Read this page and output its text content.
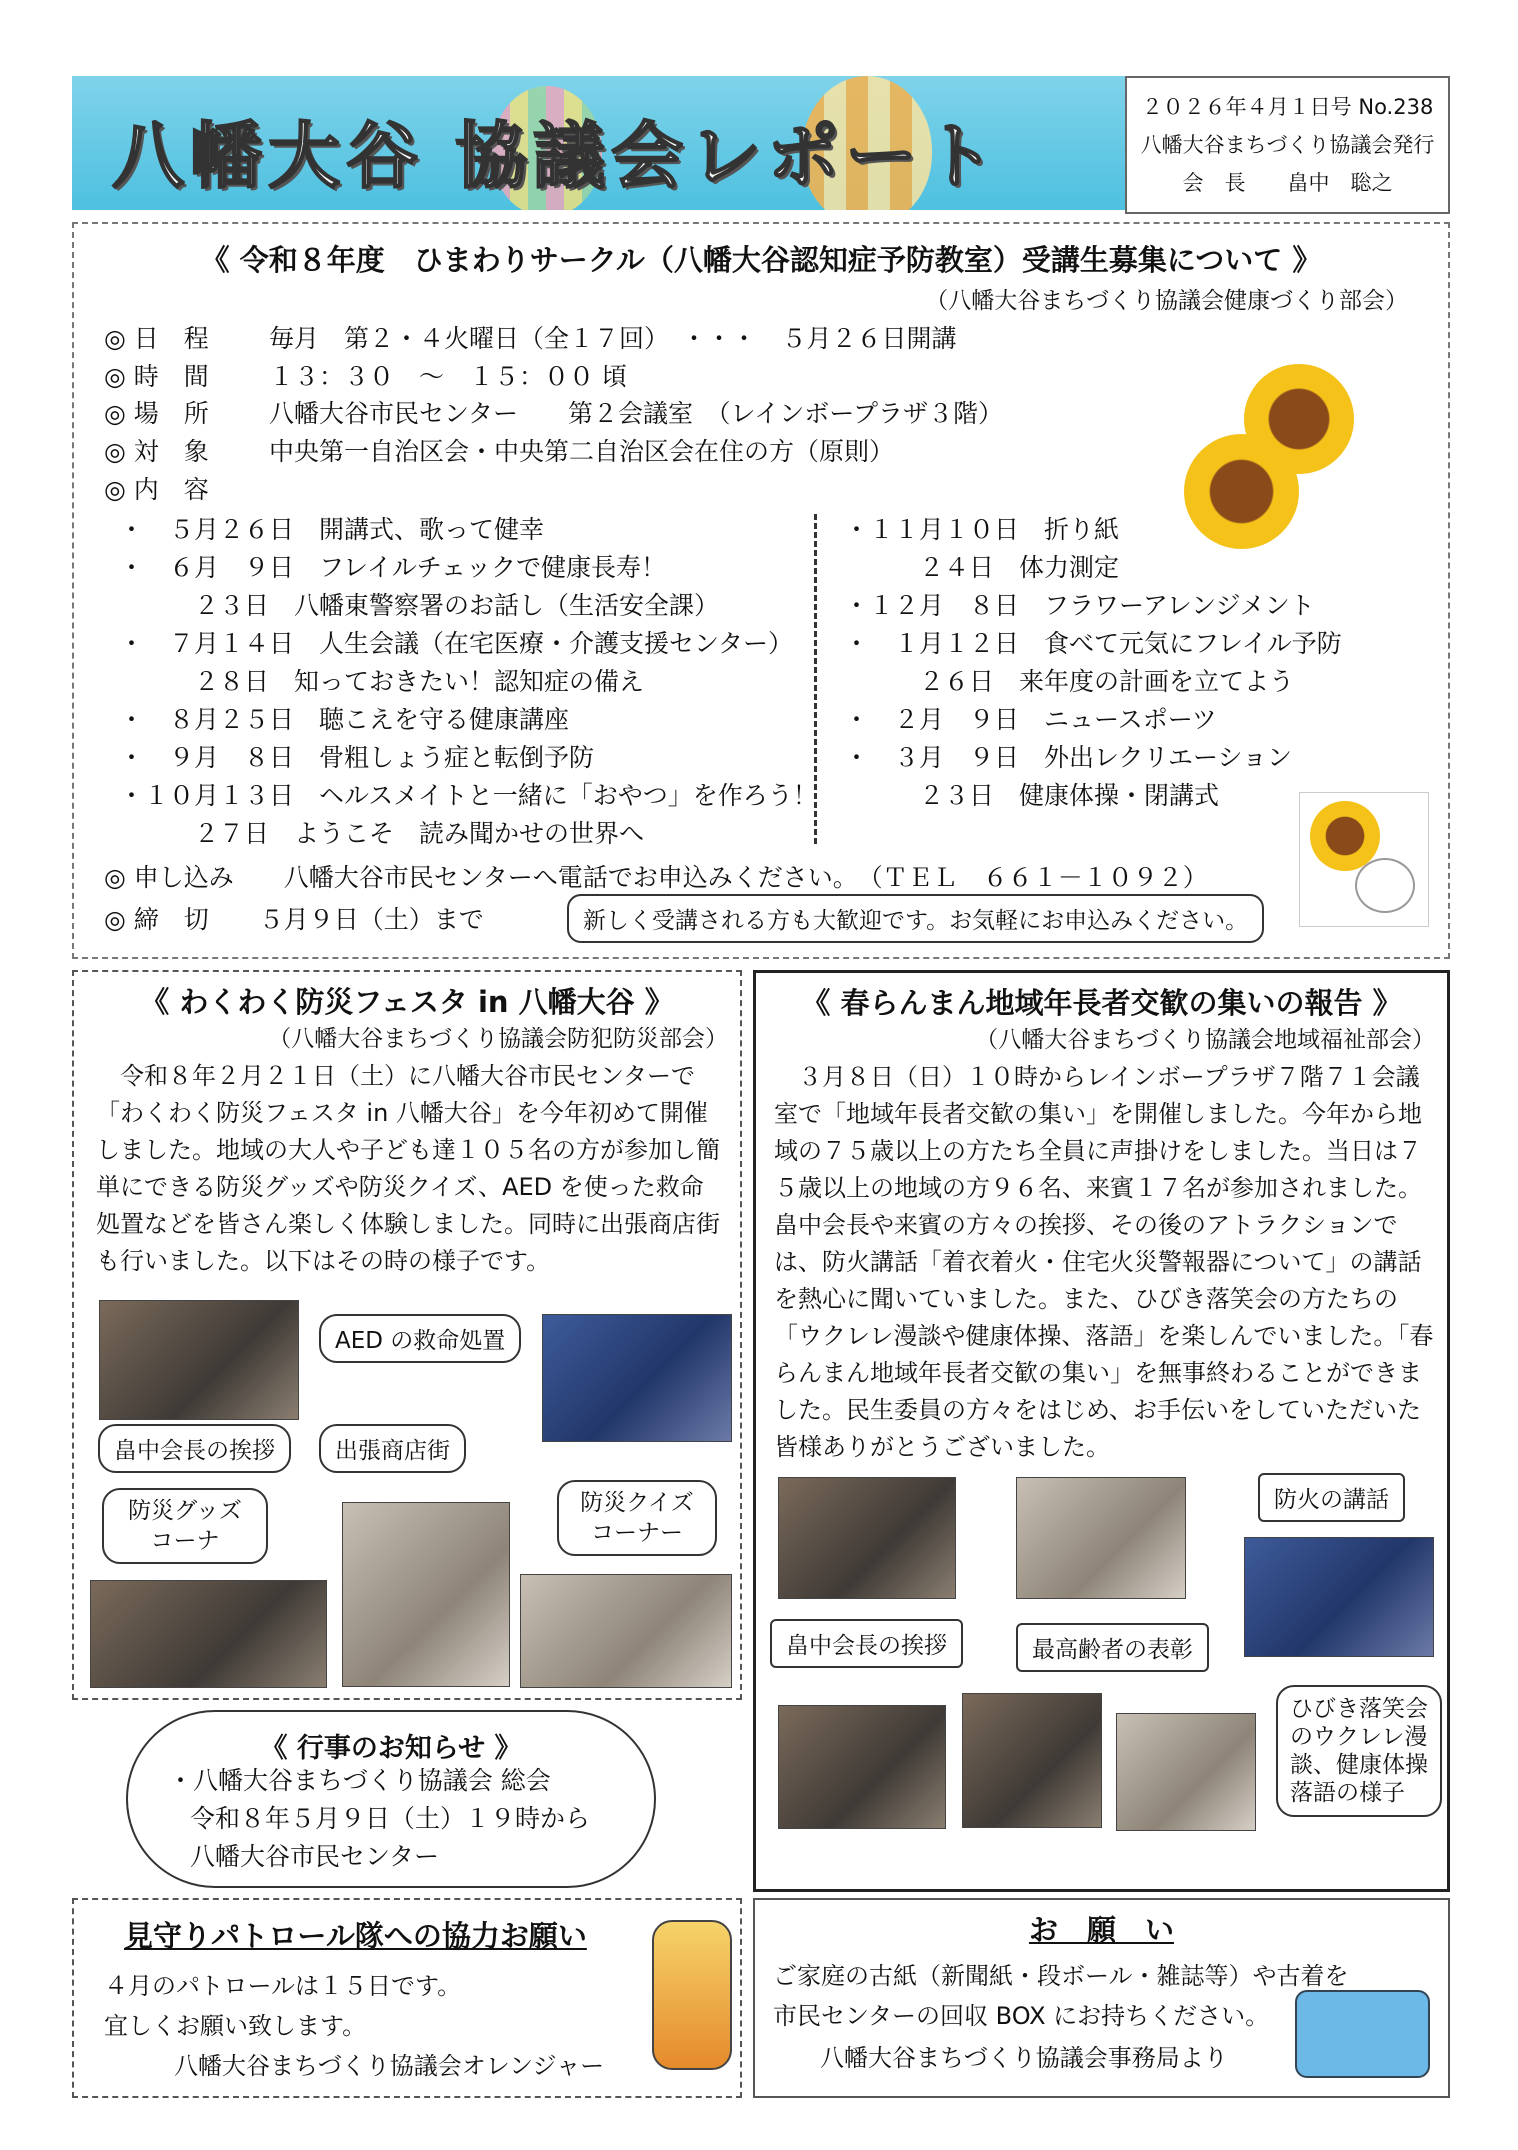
八幡大谷 協議会レポート
２０２６年４月１日号 No.238
八幡大谷まちづくり協議会発行
会　長　　畠中　聡之
《 令和８年度　ひまわりサークル（八幡大谷認知症予防教室）受講生募集について 》
（八幡大谷まちづくり協議会健康づくり部会）
◎ 日　程 毎月　第２・４火曜日（全１７回）　・・・　５月２６日開講
◎ 時　間 １３：３０　～　１５：００ 頃
◎ 場　所 八幡大谷市民センター　　第２会議室　（レインボープラザ３階）
◎ 対　象 中央第一自治区会・中央第二自治区会在住の方（原則）
◎ 内　容
・　５月２６日　開講式、歌って健幸
・　６月　９日　フレイルチェックで健康長寿！
　　　２３日　八幡東警察署のお話し（生活安全課）
・　７月１４日　人生会議（在宅医療・介護支援センター）
　　　２８日　知っておきたい！認知症の備え
・　８月２５日　聴こえを守る健康講座
・　９月　８日　骨粗しょう症と転倒予防
・１０月１３日　ヘルスメイトと一緒に「おやつ」を作ろう！
　　　２７日　ようこそ　読み聞かせの世界へ
・１１月１０日　折り紙
　　　２４日　体力測定
・１２月　８日　フラワーアレンジメント
・　１月１２日　食べて元気にフレイル予防
　　　２６日　来年度の計画を立てよう
・　２月　９日　ニュースポーツ
・　３月　９日　外出レクリエーション
　　　２３日　健康体操・閉講式
◎ 申し込み　　八幡大谷市民センターへ電話でお申込みください。　（ＴＥＬ　６６１－１０９２）
◎ 締　切　　５月９日（土）まで	新しく受講される方も大歓迎です。お気軽にお申込みください。
《 わくわく防災フェスタ in 八幡大谷 》
（八幡大谷まちづくり協議会防犯防災部会）
令和８年２月２１日（土）に八幡大谷市民センターで「わくわく防災フェスタ in 八幡大谷」を今年初めて開催しました。地域の大人や子ども達１０５名の方が参加し簡単にできる防災グッズや防災クイズ、AED を使った救命処置などを皆さん楽しく体験しました。同時に出張商店街も行いました。以下はその時の様子です。
AED の救命処置
畠中会長の挨拶	出張商店街
防災グッズ
コーナ
防災クイズ
コーナー
《 春らんまん地域年長者交歓の集いの報告 》
（八幡大谷まちづくり協議会地域福祉部会）
３月８日（日）１０時からレインボープラザ７階７１会議室で「地域年長者交歓の集い」を開催しました。今年から地域の７５歳以上の方たち全員に声掛けをしました。当日は７５歳以上の地域の方９６名、来賓１７名が参加されました。畠中会長や来賓の方々の挨拶、その後のアトラクションでは、防火講話「着衣着火・住宅火災警報器について」の講話を熱心に聞いていました。また、ひびき落笑会の方たちの「ウクレレ漫談や健康体操、落語」を楽しんでいました。「春らんまん地域年長者交歓の集い」を無事終わることができました。民生委員の方々をはじめ、お手伝いをしていただいた皆様ありがとうございました。
防火の講話
畠中会長の挨拶	最高齢者の表彰
ひびき落笑会
のウクレレ漫
談、健康体操
落語の様子
《 行事のお知らせ 》
・八幡大谷まちづくり協議会 総会
令和８年５月９日（土）１９時から
八幡大谷市民センター
見守りパトロール隊への協力お願い
４月のパトロールは１５日です。
宜しくお願い致します。
八幡大谷まちづくり協議会オレンジャー
お　願　い
ご家庭の古紙（新聞紙・段ボール・雑誌等）や古着を
市民センターの回収 BOX にお持ちください。
八幡大谷まちづくり協議会事務局より
